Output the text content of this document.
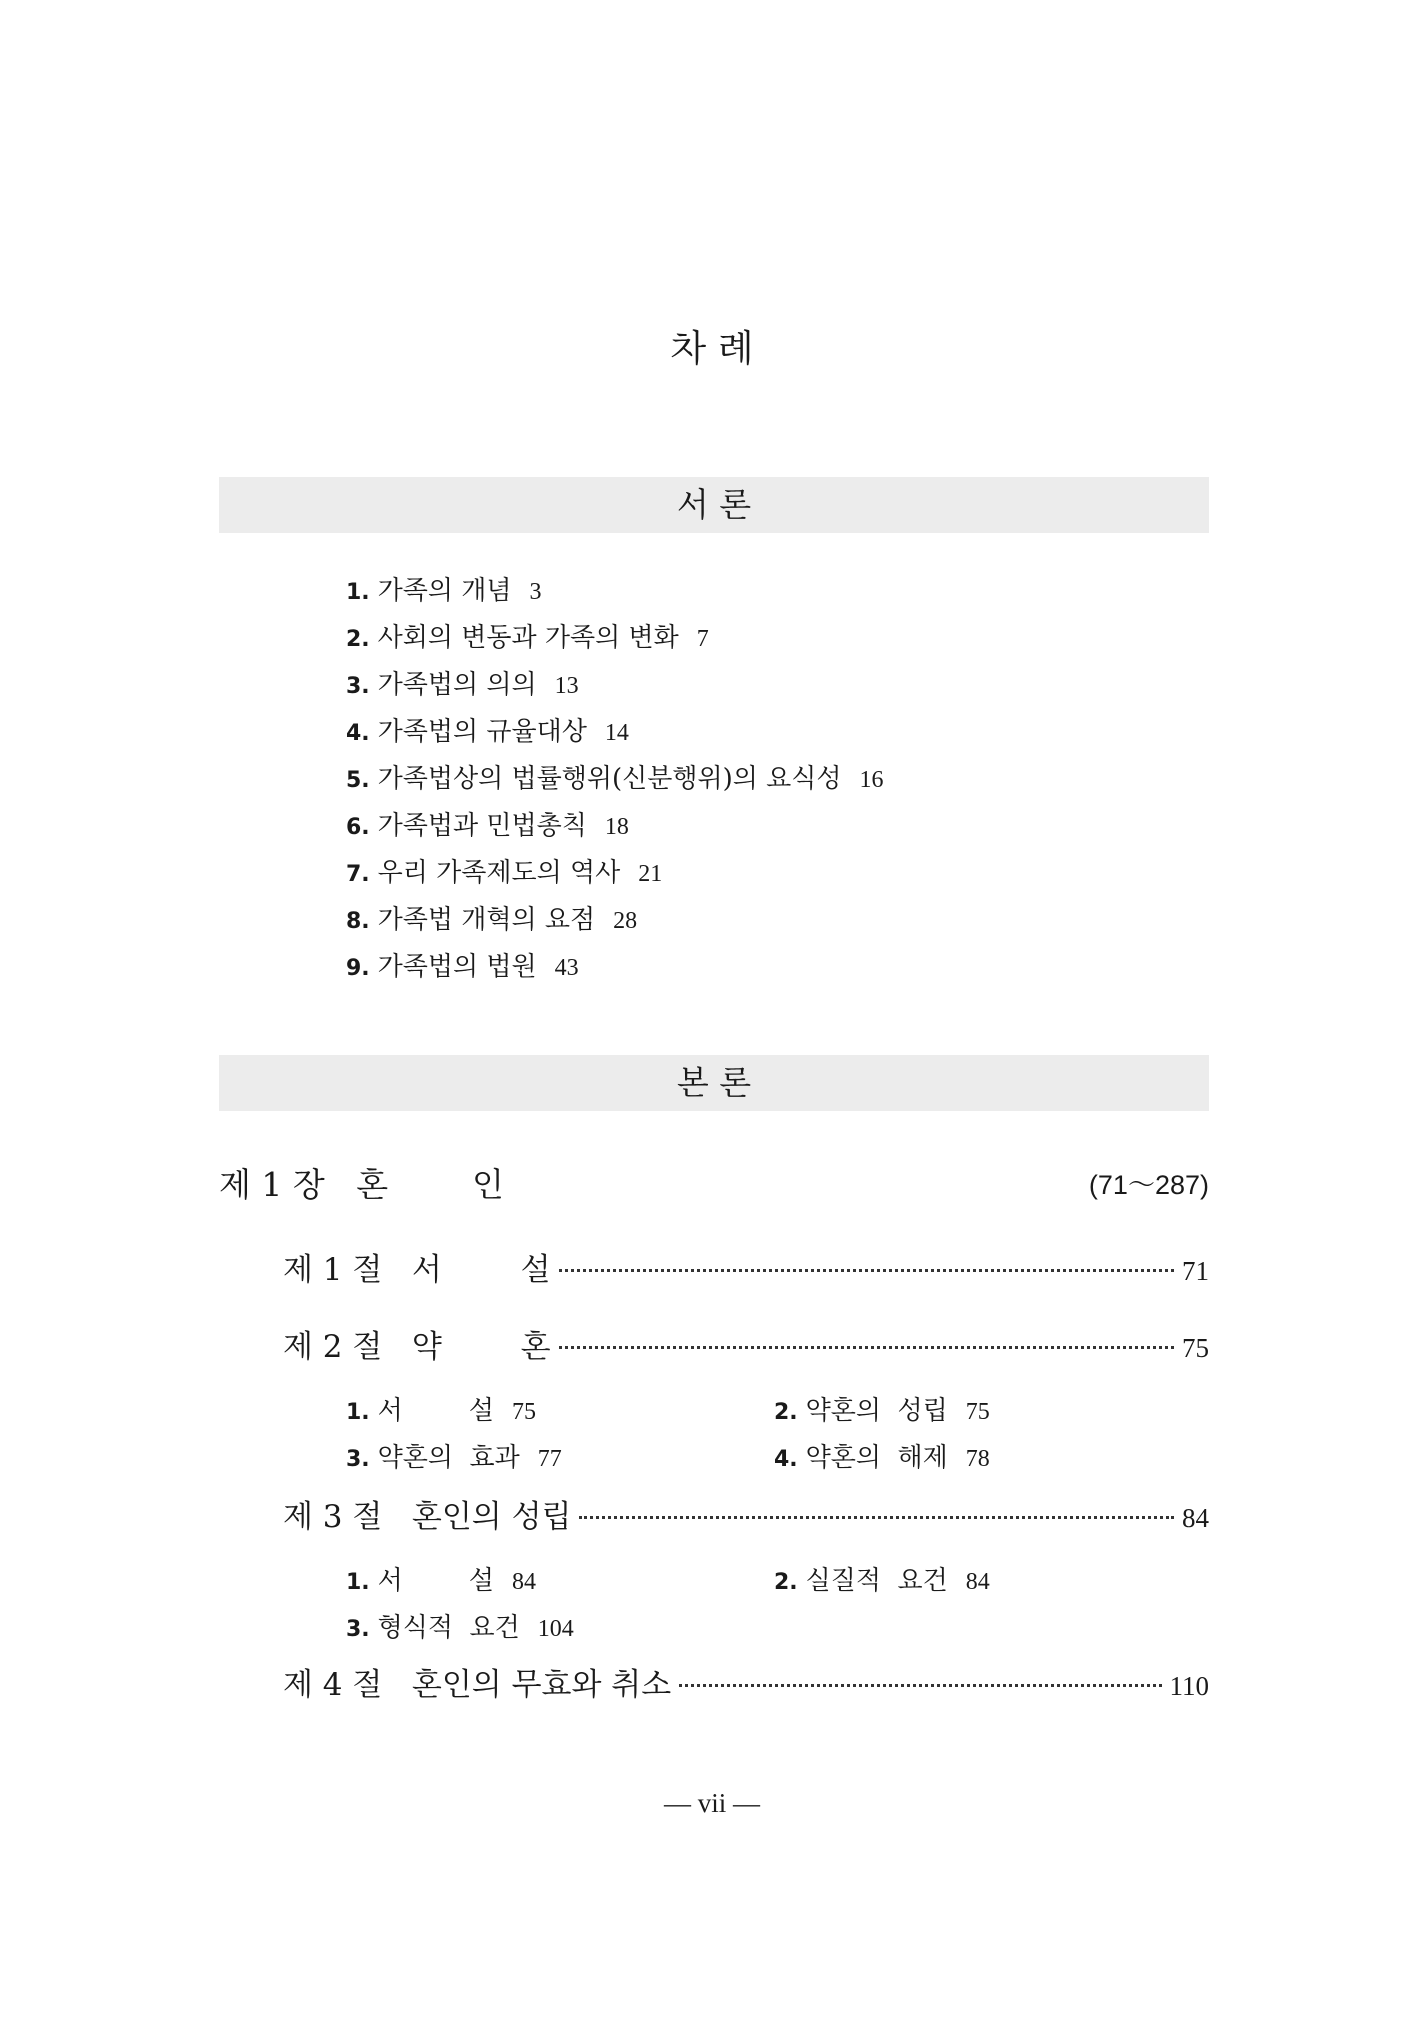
차 례
서 론
1. 가족의 개념 3
2. 사회의 변동과 가족의 변화 7
3. 가족법의 의의 13
4. 가족법의 규율대상 14
5. 가족법상의 법률행위(신분행위)의 요식성 16
6. 가족법과 민법총칙 18
7. 우리 가족제도의 역사 21
8. 가족법 개혁의 요점 28
9. 가족법의 법원 43
본 론
제 1 장   혼        인	(71～287)
제 1 절   서        설	71
제 2 절   약        혼	75
1. 서        설 75	2. 약혼의  성립 75
3. 약혼의  효과 77	4. 약혼의  해제 78
제 3 절   혼인의 성립	84
1. 서        설 84	2. 실질적  요건 84
3. 형식적  요건 104
제 4 절   혼인의 무효와 취소	110
— vii —
